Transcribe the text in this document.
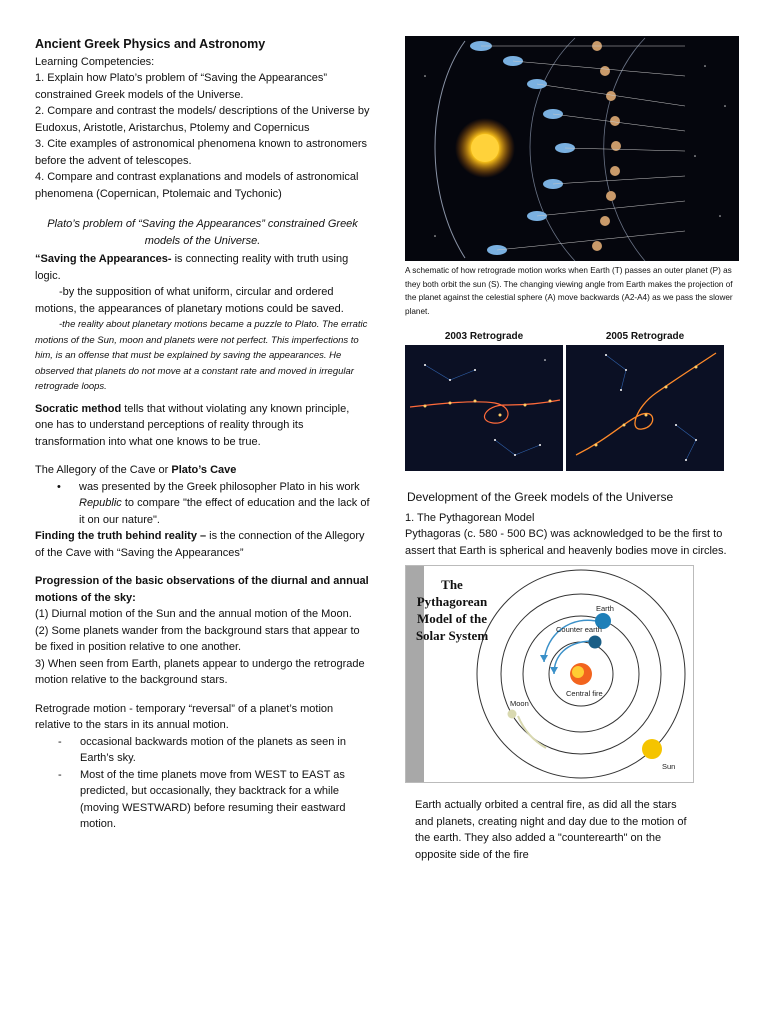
Ancient Greek Physics and Astronomy

Learning Competencies:

1. Explain how Plato’s problem of “Saving the Appearances” constrained Greek models of the Universe.

2. Compare and contrast the models/ descriptions of the Universe by Eudoxus, Aristotle, Aristarchus, Ptolemy and Copernicus

3. Cite examples of astronomical phenomena known to astronomers before the advent of telescopes.

4. Compare and contrast explanations and models of astronomical phenomena (Copernican, Ptolemaic and Tychonic)

Plato’s problem of “Saving the Appearances” constrained Greek models of the Universe.

“Saving the Appearances- is connecting reality with truth using logic.

-by the supposition of what uniform, circular and ordered motions, the appearances of planetary motions could be saved.

-the reality about planetary motions became a puzzle to Plato. The erratic motions of the Sun, moon and planets were not perfect. This imperfections to him, is an offense that must be explained by saving the appearances. He observed that planets do not move at a constant rate and moved in irregular retrograde loops.

Socratic method tells that without violating any known principle, one has to understand perceptions of reality through its transformation into what one knows to be true.

The Allegory of the Cave or Plato’s Cave

• was presented by the Greek philosopher Plato in his work Republic to compare "the effect of education and the lack of it on our nature".

Finding the truth behind reality – is the connection of the Allegory of the Cave with “Saving the Appearances”

Progression of the basic observations of the diurnal and annual motions of the sky:

(1) Diurnal motion of the Sun and the annual motion of the Moon.

(2) Some planets wander from the background stars that appear to be fixed in position relative to one another.

3) When seen from Earth, planets appear to undergo the retrograde motion relative to the background stars.

Retrograde motion - temporary “reversal” of a planet’s motion relative to the stars in its annual motion.

- occasional backwards motion of the planets as seen in Earth’s sky.
- Most of the time planets move from WEST to EAST as predicted, but occasionally, they backtrack for a while (moving WESTWARD) before resuming their eastward motion.

A schematic of how retrograde motion works when Earth (T) passes an outer planet (P) as they both orbit the sun (S). The changing viewing angle from Earth makes the projection of the planet against the celestial sphere (A) move backwards (A2-A4) as we pass the slower planet.

2003 Retrograde	2005 Retrograde

Development of the Greek models of the Universe

1. The Pythagorean Model

Pythagoras (c. 580 - 500 BC) was acknowledged to be the first to assert that Earth is spherical and heavenly bodies move in circles.

The Pythagorean Model of the Solar System
Earth
Counter earth
Central fire
Moon
Sun

Earth actually orbited a central fire, as did all the stars and planets, creating night and day due to the motion of the earth. They also added a "counterearth" on the opposite side of the fire
